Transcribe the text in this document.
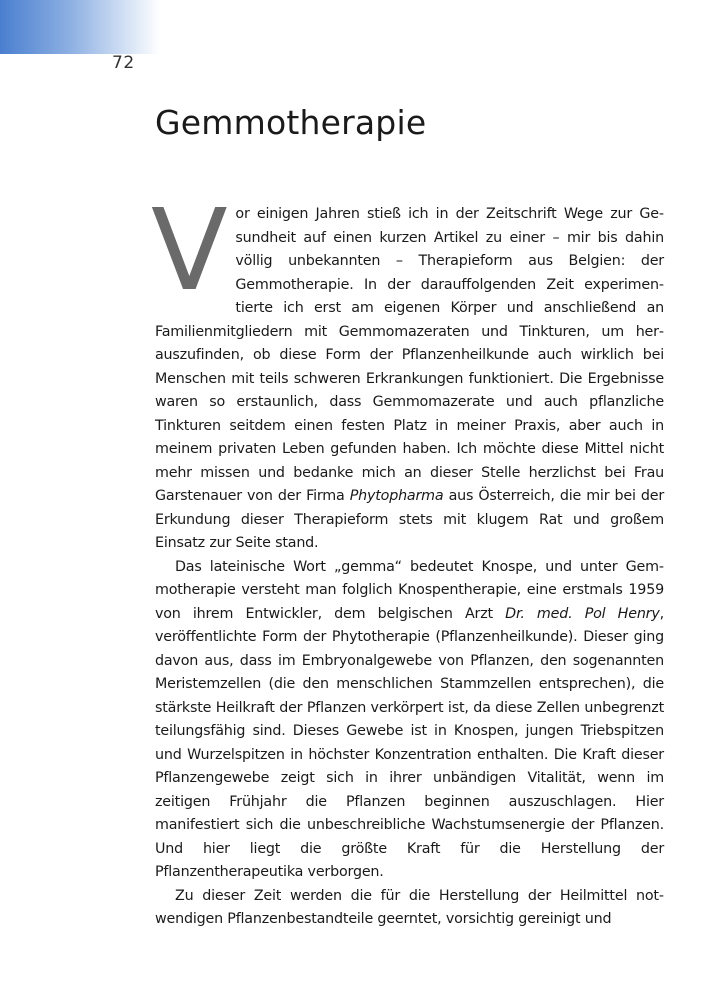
72
Gemmotherapie

Vor einigen Jahren stieß ich in der Zeitschrift Wege zur Gesundheit auf einen kurzen Artikel zu einer – mir bis dahin völlig unbekannten – Therapieform aus Belgien: der Gemmotherapie. In der darauffolgenden Zeit experimentierte ich erst am eigenen Körper und anschließend an Familienmitgliedern mit Gemmomazeraten und Tinkturen, um herauszufinden, ob diese Form der Pflanzenheilkunde auch wirklich bei Menschen mit teils schweren Erkrankungen funktioniert. Die Ergebnisse waren so erstaunlich, dass Gemmomazerate und auch pflanzliche Tinkturen seitdem einen festen Platz in meiner Praxis, aber auch in meinem privaten Leben gefunden haben. Ich möchte diese Mittel nicht mehr missen und bedanke mich an dieser Stelle herzlichst bei Frau Garstenauer von der Firma Phytopharma aus Österreich, die mir bei der Erkundung dieser Therapieform stets mit klugem Rat und großem Einsatz zur Seite stand.

Das lateinische Wort „gemma“ bedeutet Knospe, und unter Gemmotherapie versteht man folglich Knospentherapie, eine erstmals 1959 von ihrem Entwickler, dem belgischen Arzt Dr. med. Pol Henry, veröffentlichte Form der Phytotherapie (Pflanzenheilkunde). Dieser ging davon aus, dass im Embryonalgewebe von Pflanzen, den sogenannten Meristemzellen (die den menschlichen Stammzellen entsprechen), die stärkste Heilkraft der Pflanzen verkörpert ist, da diese Zellen unbegrenzt teilungsfähig sind. Dieses Gewebe ist in Knospen, jungen Triebspitzen und Wurzelspitzen in höchster Konzentration enthalten. Die Kraft dieser Pflanzengewebe zeigt sich in ihrer unbändigen Vitalität, wenn im zeitigen Frühjahr die Pflanzen beginnen auszuschlagen. Hier manifestiert sich die unbeschreibliche Wachstumsenergie der Pflanzen. Und hier liegt die größte Kraft für die Herstellung der Pflanzentherapeutika verborgen.

Zu dieser Zeit werden die für die Herstellung der Heilmittel notwendigen Pflanzenbestandteile geerntet, vorsichtig gereinigt und
